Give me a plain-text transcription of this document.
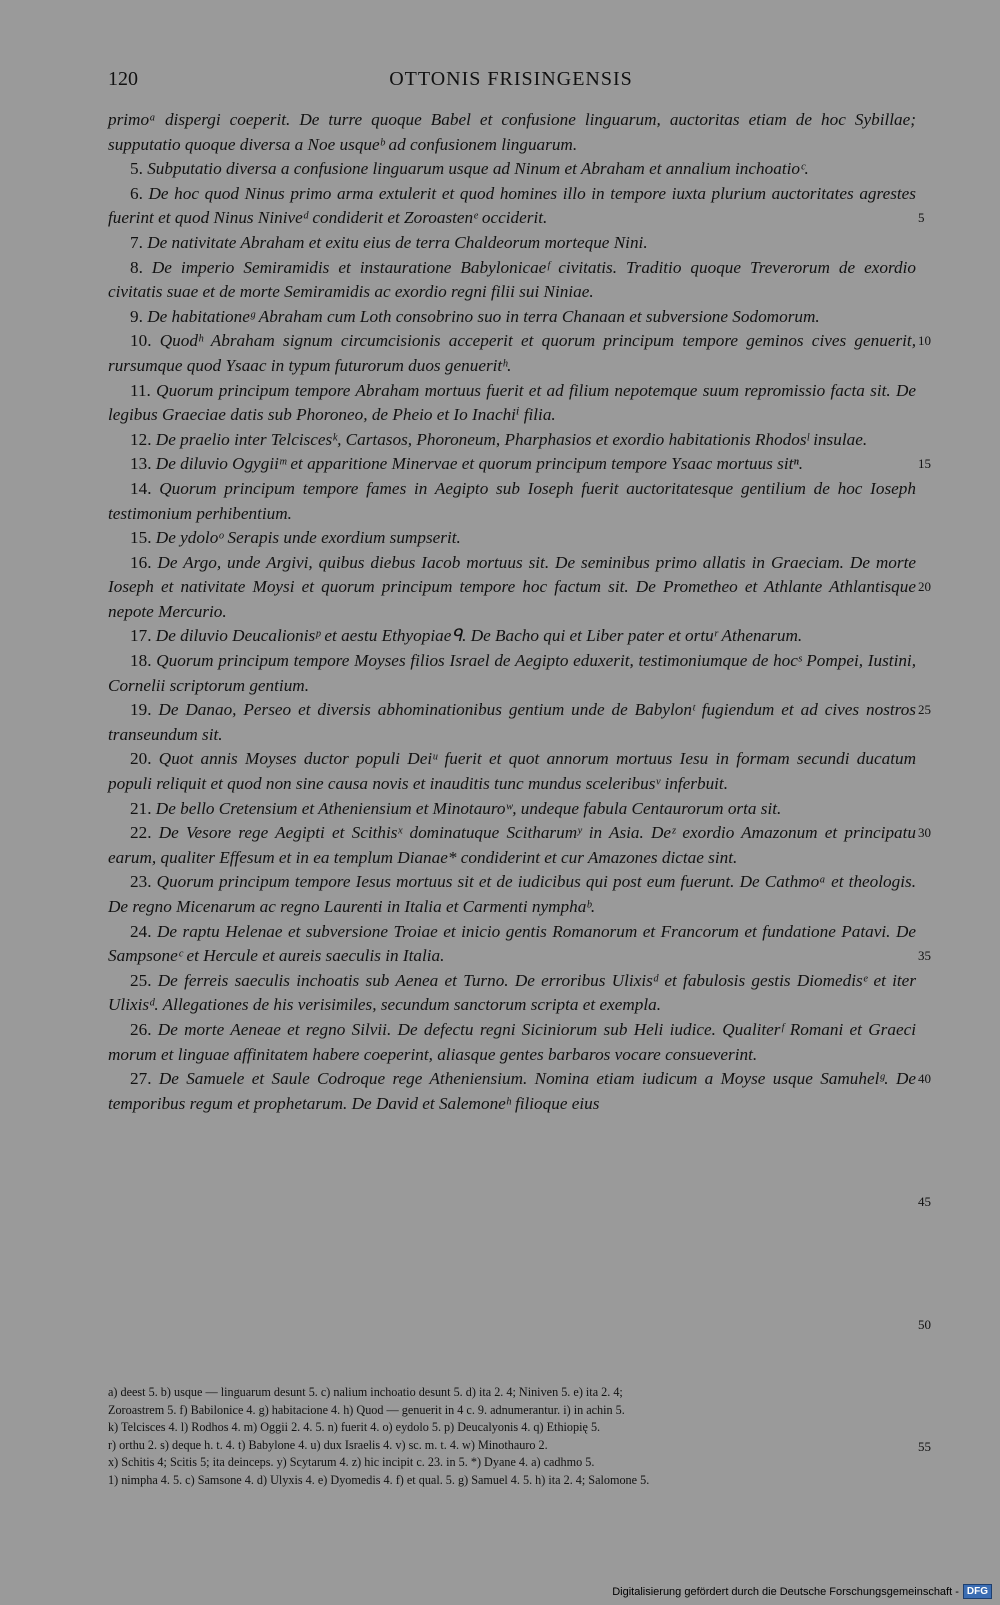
120	OTTONIS FRISINGENSIS

primoᵃ dispergi coeperit. De turre quoque Babel et confusione linguarum, auctoritas etiam de hoc Sybillae; supputatio quoque diversa a Noe usqueᵇ ad confusionem linguarum.

5. Subputatio diversa a confusione linguarum usque ad Ninum et Abraham et annalium inchoatioᶜ.

6. De hoc quod Ninus primo arma extulerit et quod homines illo in tempore iuxta plurium auctoritates agrestes fuerint et quod Ninus Niniveᵈ condiderit et Zoroastenᵉ occiderit.

7. De nativitate Abraham et exitu eius de terra Chaldeorum morteque Nini.

8. De imperio Semiramidis et instauratione Babylonicaeᶠ civitatis. Traditio quoque Treverorum de exordio civitatis suae et de morte Semiramidis ac exordio regni filii sui Niniae.

9. De habitationeᵍ Abraham cum Loth consobrino suo in terra Chanaan et subversione Sodomorum.

10. Quodʰ Abraham signum circumcisionis acceperit et quorum principum tempore geminos cives genuerit, rursumque quod Ysaac in typum futurorum duos genueritʰ.

11. Quorum principum tempore Abraham mortuus fuerit et ad filium nepotemque suum repromissio facta sit. De legibus Graeciae datis sub Phoroneo, de Pheio et Io Inachiⁱ filia.

12. De praelio inter Telciscesᵏ, Cartasos, Phoroneum, Pharphasios et exordio habitationis Rhodosˡ insulae.

13. De diluvio Ogygiiᵐ et apparitione Minervae et quorum principum tempore Ysaac mortuus sitⁿ.

14. Quorum principum tempore fames in Aegipto sub Ioseph fuerit auctoritatesque gentilium de hoc Ioseph testimonium perhibentium.

15. De ydoloᵒ Serapis unde exordium sumpserit.

16. De Argo, unde Argivi, quibus diebus Iacob mortuus sit. De seminibus primo allatis in Graeciam. De morte Ioseph et nativitate Moysi et quorum principum tempore hoc factum sit. De Prometheo et Athlante Athlantisque nepote Mercurio.

17. De diluvio Deucalionisᵖ et aestu Ethyopiaeᑫ. De Bacho qui et Liber pater et ortuʳ Athenarum.

18. Quorum principum tempore Moyses filios Israel de Aegipto eduxerit, testimoniumque de hocˢ Pompei, Iustini, Cornelii scriptorum gentium.

19. De Danao, Perseo et diversis abhominationibus gentium unde de Babylonᵗ fugiendum et ad cives nostros transeundum sit.

20. Quot annis Moyses ductor populi Deiᵘ fuerit et quot annorum mortuus Iesu in formam secundi ducatum populi reliquit et quod non sine causa novis et inauditis tunc mundus sceleribusᵛ inferbuit.

21. De bello Cretensium et Atheniensium et Minotauroʷ, undeque fabula Centaurorum orta sit.

22. De Vesore rege Aegipti et Scithisˣ dominatuque Scitharumʸ in Asia. Deᶻ exordio Amazonum et principatu earum, qualiter Effesum et in ea templum Dianae* condiderint et cur Amazones dictae sint.

23. Quorum principum tempore Iesus mortuus sit et de iudicibus qui post eum fuerunt. De Cathmoᵃ et theologis. De regno Micenarum ac regno Laurenti in Italia et Carmenti nymphaᵇ.

24. De raptu Helenae et subversione Troiae et inicio gentis Romanorum et Francorum et fundatione Patavi. De Sampsoneᶜ et Hercule et aureis saeculis in Italia.

25. De ferreis saeculis inchoatis sub Aenea et Turno. De erroribus Ulixisᵈ et fabulosis gestis Diomedisᵉ et iter Ulixisᵈ. Allegationes de his verisimiles, secundum sanctorum scripta et exempla.

26. De morte Aeneae et regno Silvii. De defectu regni Siciniorum sub Heli iudice. Qualiterᶠ Romani et Graeci morum et linguae affinitatem habere coeperint, aliasque gentes barbaros vocare consueverint.

27. De Samuele et Saule Codroque rege Atheniensium. Nomina etiam iudicum a Moyse usque Samuhelᵍ. De temporibus regum et prophetarum. De David et Salemoneʰ filioque eius

5
10
15
20
25
30
35
40
45
50
55
a) deest 5. b) usque — linguarum desunt 5. c) nalium inchoatio desunt 5. d) ita 2. 4; Niniven 5. e) ita 2. 4;
Zoroastrem 5. f) Babilonice 4. g) habitacione 4. h) Quod — genuerit in 4 c. 9. adnumerantur. i) in achin 5.
k) Telcisces 4. l) Rodhos 4. m) Oggii 2. 4. 5. n) fuerit 4. o) eydolo 5. p) Deucalyonis 4. q) Ethiopię 5.
r) orthu 2. s) deque h. t. 4. t) Babylone 4. u) dux Israelis 4. v) sc. m. t. 4. w) Minothauro 2.
x) Schitis 4; Scitis 5; ita deinceps. y) Scytarum 4. z) hic incipit c. 23. in 5. *) Dyane 4. a) cadhmo 5.
1) nimpha 4. 5. c) Samsone 4. d) Ulyxis 4. e) Dyomedis 4. f) et qual. 5. g) Samuel 4. 5. h) ita 2. 4; Salomone 5.
Digitalisierung gefördert durch die Deutsche Forschungsgemeinschaft - DFG
